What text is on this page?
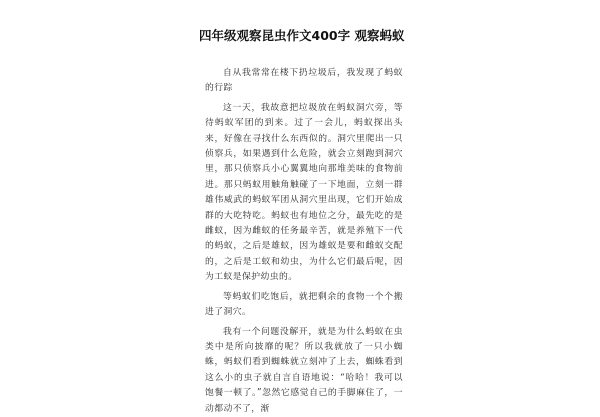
四年级观察昆虫作文400字 观察蚂蚁

自从我常常在楼下扔垃圾后，我发现了蚂蚁的行踪

这一天，我故意把垃圾放在蚂蚁洞穴旁，等待蚂蚁军团的到来。过了一会儿，蚂蚁探出头来，好像在寻找什么东西似的。洞穴里爬出一只侦察兵，如果遇到什么危险，就会立刻跑到洞穴里，那只侦察兵小心翼翼地向那堆美味的食物前进。那只蚂蚁用触角触碰了一下地面，立刻一群雄伟威武的蚂蚁军团从洞穴里出现，它们开始成群的大吃特吃。蚂蚁也有地位之分，最先吃的是雌蚁，因为雌蚁的任务最辛苦，就是养殖下一代的蚂蚁，之后是雄蚁，因为雄蚁是要和雌蚁交配的，之后是工蚁和幼虫，为什么它们最后呢，因为工蚁是保护幼虫的。

等蚂蚁们吃饱后，就把剩余的食物一个个搬进了洞穴。

我有一个问题没解开，就是为什么蚂蚁在虫类中是所向披靡的呢？所以我就放了一只小蜘蛛，蚂蚁们看到蜘蛛就立刻冲了上去，蜘蛛看到这么小的虫子就自言自语地说：“哈哈！我可以饱餐一顿了。”忽然它感觉自己的手脚麻住了，一动都动不了，渐
